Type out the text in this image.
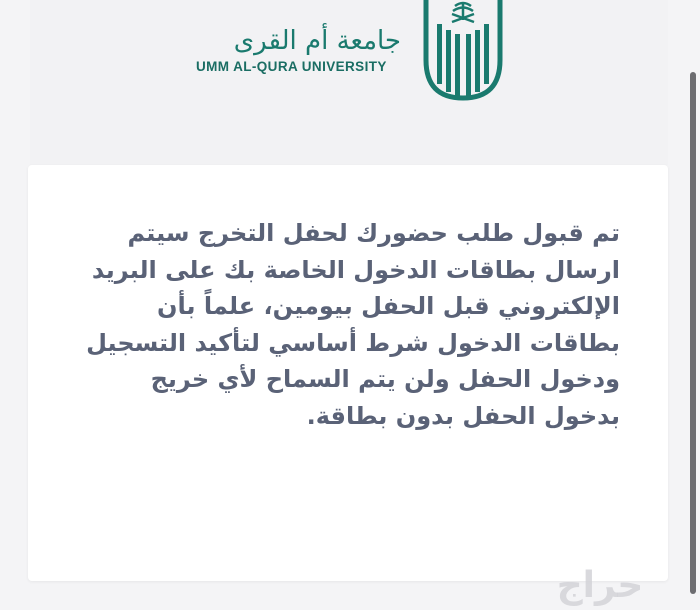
جامعة أم القرى
UMM AL-QURA UNIVERSITY

تم قبول طلب حضورك لحفل التخرج سيتم ارسال بطاقات الدخول الخاصة بك على البريد الإلكتروني قبل الحفل بيومين، علماً بأن بطاقات الدخول شرط أساسي لتأكيد التسجيل ودخول الحفل ولن يتم السماح لأي خريج بدخول الحفل بدون بطاقة.

حراج
